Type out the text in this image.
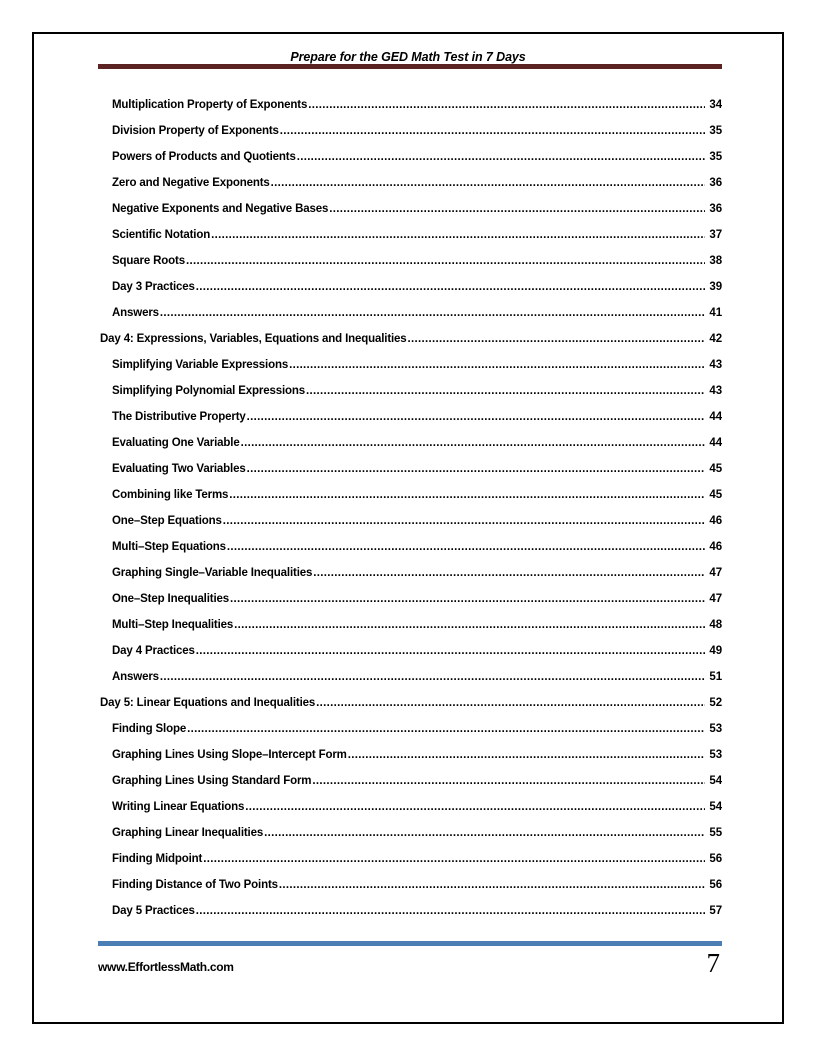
Prepare for the GED Math Test in 7 Days
Multiplication Property of Exponents .....	34
Division Property of Exponents .....	35
Powers of Products and Quotients .....	35
Zero and Negative Exponents .....	36
Negative Exponents and Negative Bases .....	36
Scientific Notation .....	37
Square Roots .....	38
Day 3 Practices .....	39
Answers .....	41
Day 4: Expressions, Variables, Equations and Inequalities .....	42
Simplifying Variable Expressions .....	43
Simplifying Polynomial Expressions .....	43
The Distributive Property .....	44
Evaluating One Variable .....	44
Evaluating Two Variables .....	45
Combining like Terms .....	45
One–Step Equations .....	46
Multi–Step Equations .....	46
Graphing Single–Variable Inequalities .....	47
One–Step Inequalities .....	47
Multi–Step Inequalities .....	48
Day 4 Practices .....	49
Answers .....	51
Day 5: Linear Equations and Inequalities .....	52
Finding Slope .....	53
Graphing Lines Using Slope–Intercept Form .....	53
Graphing Lines Using Standard Form .....	54
Writing Linear Equations .....	54
Graphing Linear Inequalities .....	55
Finding Midpoint .....	56
Finding Distance of Two Points .....	56
Day 5 Practices .....	57
www.EffortlessMath.com	7
